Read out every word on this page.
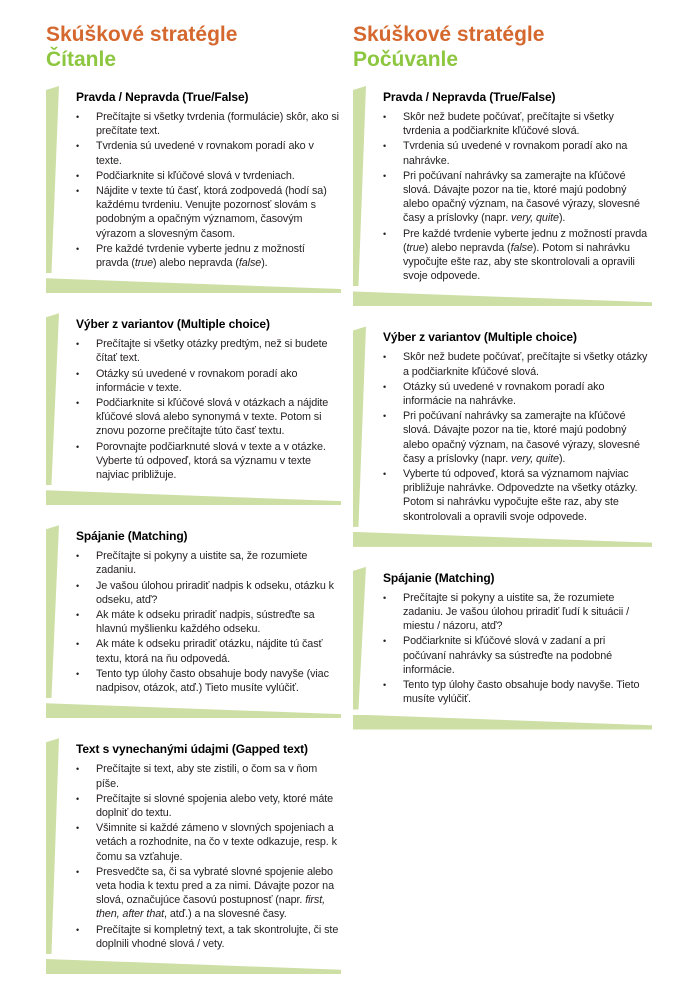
Skúškové stratégle
Čítanle
Pravda / Nepravda (True/False)
•	Prečítajte si všetky tvrdenia (formulácie) skôr, ako si prečítate text.
•	Tvrdenia sú uvedené v rovnakom poradí ako v texte.
•	Podčiarknite si kľúčové slová v tvrdeniach.
•	Nájdite v texte tú časť, ktorá zodpovedá (hodí sa) každému tvrdeniu. Venujte pozornosť slovám s podobným a opačným významom, časovým výrazom a slovesným časom.
•	Pre každé tvrdenie vyberte jednu z možností pravda (true) alebo nepravda (false).
Výber z variantov (Multiple choice)
•	Prečítajte si všetky otázky predtým, než si budete čítať text.
•	Otázky sú uvedené v rovnakom poradí ako informácie v texte.
•	Podčiarknite si kľúčové slová v otázkach a nájdite kľúčové slová alebo synonymá v texte. Potom si znovu pozorne prečítajte túto časť textu.
•	Porovnajte podčiarknuté slová v texte a v otázke. Vyberte tú odpoveď, ktorá sa významu v texte najviac približuje.
Spájanie (Matching)
•	Prečítajte si pokyny a uistite sa, že rozumiete zadaniu.
•	Je vašou úlohou priradiť nadpis k odseku, otázku k odseku, atď?
•	Ak máte k odseku priradiť nadpis, sústreďte sa hlavnú myšlienku každého odseku.
•	Ak máte k odseku priradiť otázku, nájdite tú časť textu, ktorá na ňu odpovedá.
•	Tento typ úlohy často obsahuje body navyše (viac nadpisov, otázok, atď.) Tieto musíte vylúčiť.
Text s vynechanými údajmi (Gapped text)
•	Prečítajte si text, aby ste zistili, o čom sa v ňom píše.
•	Prečítajte si slovné spojenia alebo vety, ktoré máte doplniť do textu.
•	Všimnite si každé zámeno v slovných spojeniach a vetách a rozhodnite, na čo v texte odkazuje, resp. k čomu sa vzťahuje.
•	Presvedčte sa, či sa vybraté slovné spojenie alebo veta hodia k textu pred a za nimi. Dávajte pozor na slová, označujúce časovú postupnosť (napr. first, then, after that, atď.) a na slovesné časy.
•	Prečítajte si kompletný text, a tak skontrolujte, či ste doplnili vhodné slová / vety.
Skúškové stratégle
Počúvanle
Pravda / Nepravda (True/False)
•	Skôr než budete počúvať, prečítajte si všetky tvrdenia a podčiarknite kľúčové slová.
•	Tvrdenia sú uvedené v rovnakom poradí ako na nahrávke.
•	Pri počúvaní nahrávky sa zamerajte na kľúčové slová. Dávajte pozor na tie, ktoré majú podobný alebo opačný význam, na časové výrazy, slovesné časy a príslovky (napr. very, quite).
•	Pre každé tvrdenie vyberte jednu z možností pravda (true) alebo nepravda (false). Potom si nahrávku vypočujte ešte raz, aby ste skontrolovali a opravili svoje odpovede.
Výber z variantov (Multiple choice)
•	Skôr než budete počúvať, prečítajte si všetky otázky a podčiarknite kľúčové slová.
•	Otázky sú uvedené v rovnakom poradí ako informácie na nahrávke.
•	Pri počúvaní nahrávky sa zamerajte na kľúčové slová. Dávajte pozor na tie, ktoré majú podobný alebo opačný význam, na časové výrazy, slovesné časy a príslovky (napr. very, quite).
•	Vyberte tú odpoveď, ktorá sa významom najviac približuje nahrávke. Odpovedzte na všetky otázky. Potom si nahrávku vypočujte ešte raz, aby ste skontrolovali a opravili svoje odpovede.
Spájanie (Matching)
•	Prečítajte si pokyny a uistite sa, že rozumiete zadaniu. Je vašou úlohou priradiť ľudí k situácii / miestu / názoru, atď?
•	Podčiarknite si kľúčové slová v zadaní a pri počúvaní nahrávky sa sústreďte na podobné informácie.
•	Tento typ úlohy často obsahuje body navyše. Tieto musíte vylúčiť.
